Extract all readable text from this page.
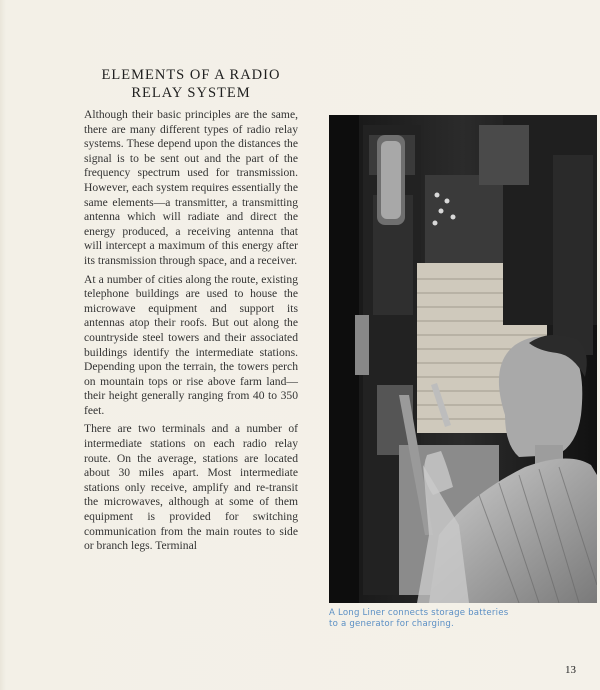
ELEMENTS OF A RADIO
RELAY SYSTEM

Although their basic principles are the same, there are many different types of radio relay systems. These depend upon the distances the signal is to be sent out and the part of the frequency spectrum used for transmission. However, each system requires essentially the same elements—a transmitter, a transmitting antenna which will radiate and direct the energy produced, a receiving antenna that will intercept a maximum of this energy after its transmission through space, and a receiver.

At a number of cities along the route, existing telephone buildings are used to house the microwave equipment and support its antennas atop their roofs. But out along the countryside steel towers and their associated buildings identify the intermediate stations. Depending upon the terrain, the towers perch on mountain tops or rise above farm land—their height generally ranging from 40 to 350 feet.

There are two terminals and a number of intermediate stations on each radio relay route. On the average, stations are located about 30 miles apart. Most intermediate stations only receive, amplify and re-transit the microwaves, although at some of them equipment is provided for switching communication from the main routes to side or branch legs. Terminal

A Long Liner connects storage batteries
to a generator for charging.
13
